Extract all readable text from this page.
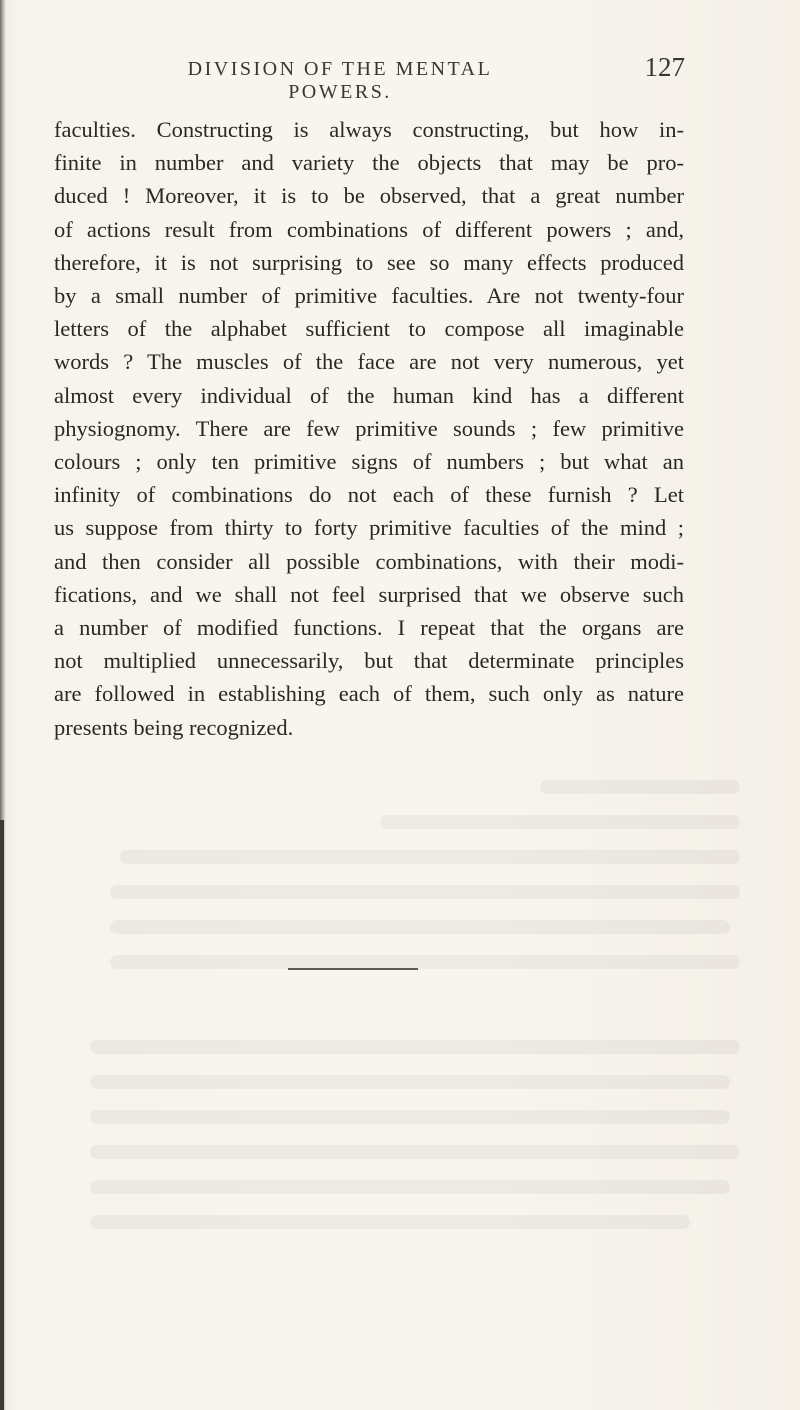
DIVISION OF THE MENTAL POWERS.
127
faculties. Constructing is always constructing, but how in-
finite in number and variety the objects that may be pro-
duced ! Moreover, it is to be observed, that a great number
of actions result from combinations of different powers ; and,
therefore, it is not surprising to see so many effects produced
by a small number of primitive faculties. Are not twenty-four
letters of the alphabet sufficient to compose all imaginable
words ? The muscles of the face are not very numerous, yet
almost every individual of the human kind has a different
physiognomy. There are few primitive sounds ; few primitive
colours ; only ten primitive signs of numbers ; but what an
infinity of combinations do not each of these furnish ? Let
us suppose from thirty to forty primitive faculties of the mind ;
and then consider all possible combinations, with their modi-
fications, and we shall not feel surprised that we observe such
a number of modified functions. I repeat that the organs are
not multiplied unnecessarily, but that determinate principles
are followed in establishing each of them, such only as nature
presents being recognized.
